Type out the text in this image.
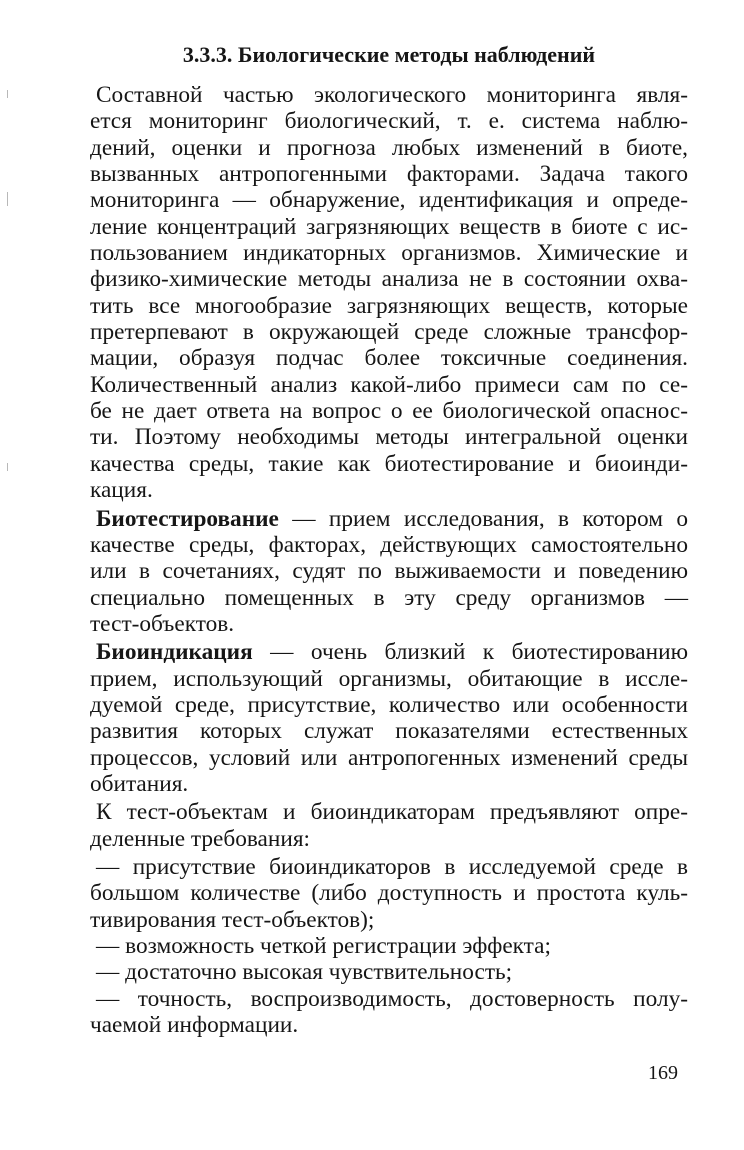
3.3.3. Биологические методы наблюдений
Составной частью экологического мониторинга явля-
ется мониторинг биологический, т. е. система наблю-
дений, оценки и прогноза любых изменений в биоте,
вызванных антропогенными факторами. Задача такого
мониторинга — обнаружение, идентификация и опреде-
ление концентраций загрязняющих веществ в биоте с ис-
пользованием индикаторных организмов. Химические и
физико-химические методы анализа не в состоянии охва-
тить все многообразие загрязняющих веществ, которые
претерпевают в окружающей среде сложные трансфор-
мации, образуя подчас более токсичные соединения.
Количественный анализ какой-либо примеси сам по се-
бе не дает ответа на вопрос о ее биологической опаснос-
ти. Поэтому необходимы методы интегральной оценки
качества среды, такие как биотестирование и биоинди-
кация.
Биотестирование — прием исследования, в котором о
качестве среды, факторах, действующих самостоятельно
или в сочетаниях, судят по выживаемости и поведению
специально помещенных в эту среду организмов —
тест-объектов.
Биоиндикация — очень близкий к биотестированию
прием, использующий организмы, обитающие в иссле-
дуемой среде, присутствие, количество или особенности
развития которых служат показателями естественных
процессов, условий или антропогенных изменений среды
обитания.
К тест-объектам и биоиндикаторам предъявляют опре-
деленные требования:
— присутствие биоиндикаторов в исследуемой среде в
большом количестве (либо доступность и простота куль-
тивирования тест-объектов);
— возможность четкой регистрации эффекта;
— достаточно высокая чувствительность;
— точность, воспроизводимость, достоверность полу-
чаемой информации.
169
